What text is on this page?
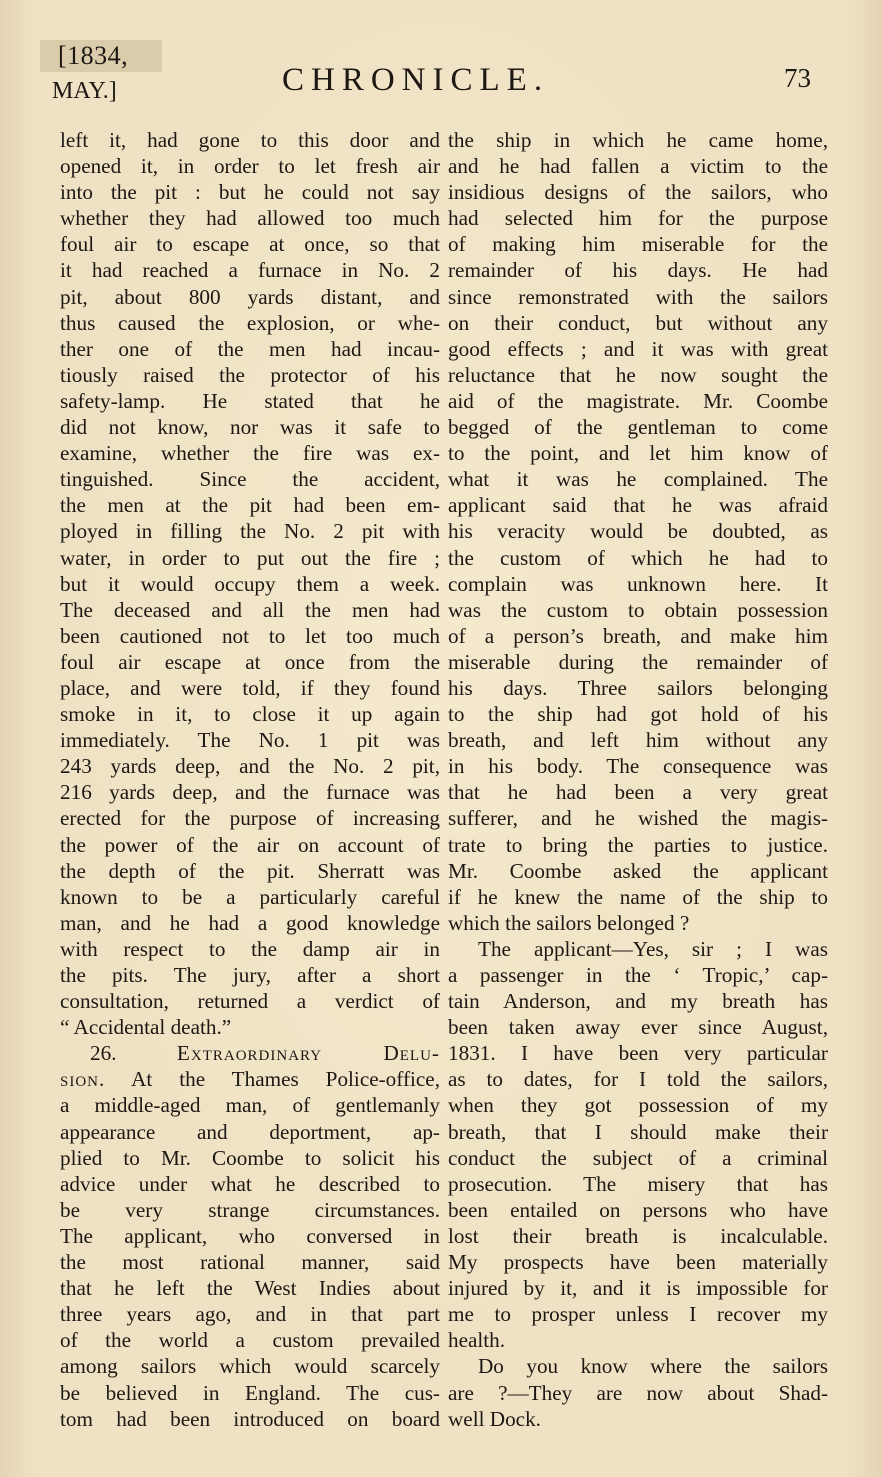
[1834,
MAY.]	CHRONICLE.	73
left it, had gone to this door and
opened it, in order to let fresh air
into the pit : but he could not say
whether they had allowed too much
foul air to escape at once, so that
it had reached a furnace in No. 2
pit, about 800 yards distant, and
thus caused the explosion, or whe-
ther one of the men had incau-
tiously raised the protector of his
safety-lamp. He stated that he
did not know, nor was it safe to
examine, whether the fire was ex-
tinguished. Since the accident,
the men at the pit had been em-
ployed in filling the No. 2 pit with
water, in order to put out the fire ;
but it would occupy them a week.
The deceased and all the men had
been cautioned not to let too much
foul air escape at once from the
place, and were told, if they found
smoke in it, to close it up again
immediately. The No. 1 pit was
243 yards deep, and the No. 2 pit,
216 yards deep, and the furnace was
erected for the purpose of increasing
the power of the air on account of
the depth of the pit. Sherratt was
known to be a particularly careful
man, and he had a good knowledge
with respect to the damp air in
the pits. The jury, after a short
consultation, returned a verdict of
“ Accidental death.”
26.	Extraordinary Delu-
sion. At the Thames Police-office,
a middle-aged man, of gentlemanly
appearance and deportment, ap-
plied to Mr. Coombe to solicit his
advice under what he described to
be very strange circumstances.
The applicant, who conversed in
the most rational manner, said
that he left the West Indies about
three years ago, and in that part
of the world a custom prevailed
among sailors which would scarcely
be believed in England. The cus-
tom had been introduced on board
the ship in which he came home,
and he had fallen a victim to the
insidious designs of the sailors, who
had selected him for the purpose
of making him miserable for the
remainder of his days. He had
since remonstrated with the sailors
on their conduct, but without any
good effects ; and it was with great
reluctance that he now sought the
aid of the magistrate. Mr. Coombe
begged of the gentleman to come
to the point, and let him know of
what it was he complained. The
applicant said that he was afraid
his veracity would be doubted, as
the custom of which he had to
complain was unknown here. It
was the custom to obtain possession
of a person’s breath, and make him
miserable during the remainder of
his days. Three sailors belonging
to the ship had got hold of his
breath, and left him without any
in his body. The consequence was
that he had been a very great
sufferer, and he wished the magis-
trate to bring the parties to justice.
Mr. Coombe asked the applicant
if he knew the name of the ship to
which the sailors belonged ?
The applicant—Yes, sir ; I was
a passenger in the ‘ Tropic,’ cap-
tain Anderson, and my breath has
been taken away ever since August,
1831. I have been very particular
as to dates, for I told the sailors,
when they got possession of my
breath, that I should make their
conduct the subject of a criminal
prosecution. The misery that has
been entailed on persons who have
lost their breath is incalculable.
My prospects have been materially
injured by it, and it is impossible for
me to prosper unless I recover my
health.
Do you know where the sailors
are ?—They are now about Shad-
well Dock.
